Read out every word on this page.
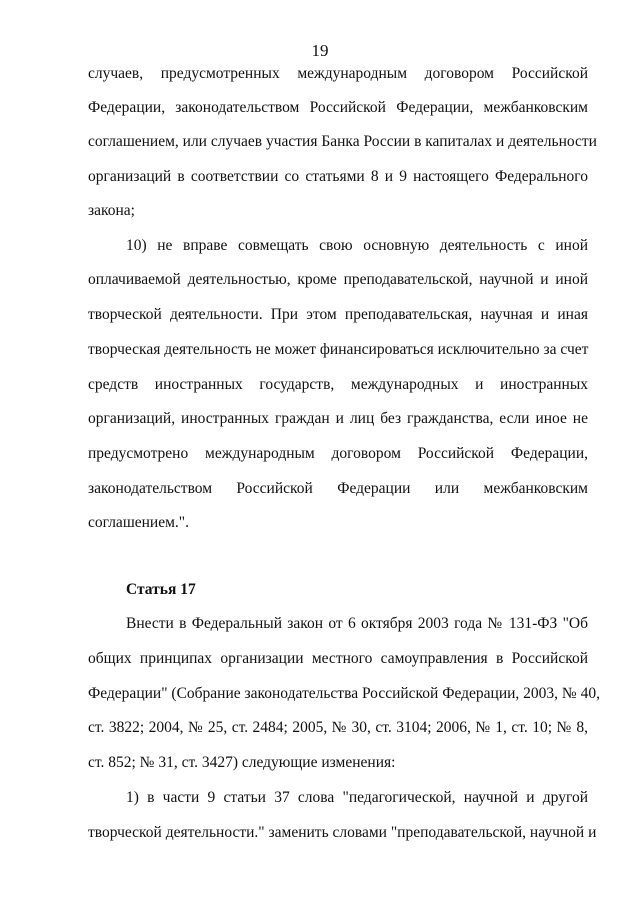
19
случаев, предусмотренных международным договором Российской
Федерации, законодательством Российской Федерации, межбанковским
соглашением, или случаев участия Банка России в капиталах и деятельности
организаций в соответствии со статьями 8 и 9 настоящего Федерального
закона;
10) не вправе совмещать свою основную деятельность с иной
оплачиваемой деятельностью, кроме преподавательской, научной и иной
творческой деятельности. При этом преподавательская, научная и иная
творческая деятельность не может финансироваться исключительно за счет
средств иностранных государств, международных и иностранных
организаций, иностранных граждан и лиц без гражданства, если иное не
предусмотрено международным договором Российской Федерации,
законодательством Российской Федерации или межбанковским
соглашением.".
Статья 17
Внести в Федеральный закон от 6 октября 2003 года № 131-ФЗ "Об
общих принципах организации местного самоуправления в Российской
Федерации" (Собрание законодательства Российской Федерации, 2003, № 40,
ст. 3822; 2004, № 25, ст. 2484; 2005, № 30, ст. 3104; 2006, № 1, ст. 10; № 8,
ст. 852; № 31, ст. 3427) следующие изменения:
1) в части 9 статьи 37 слова "педагогической, научной и другой
творческой деятельности." заменить словами "преподавательской, научной и
